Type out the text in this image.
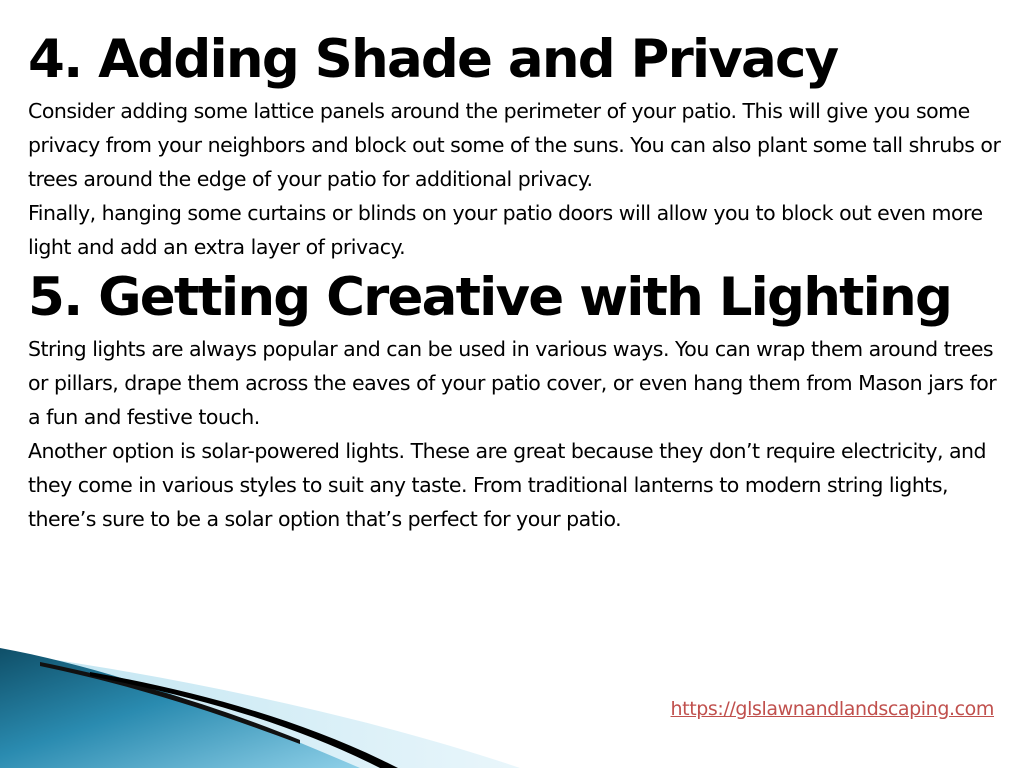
4. Adding Shade and Privacy

Consider adding some lattice panels around the perimeter of your patio. This will give you some privacy from your neighbors and block out some of the suns. You can also plant some tall shrubs or trees around the edge of your patio for additional privacy.

Finally, hanging some curtains or blinds on your patio doors will allow you to block out even more light and add an extra layer of privacy.

5. Getting Creative with Lighting

String lights are always popular and can be used in various ways. You can wrap them around trees or pillars, drape them across the eaves of your patio cover, or even hang them from Mason jars for a fun and festive touch.

Another option is solar-powered lights. These are great because they don’t require electricity, and they come in various styles to suit any taste. From traditional lanterns to modern string lights, there’s sure to be a solar option that’s perfect for your patio.

https://glslawnandlandscaping.com
